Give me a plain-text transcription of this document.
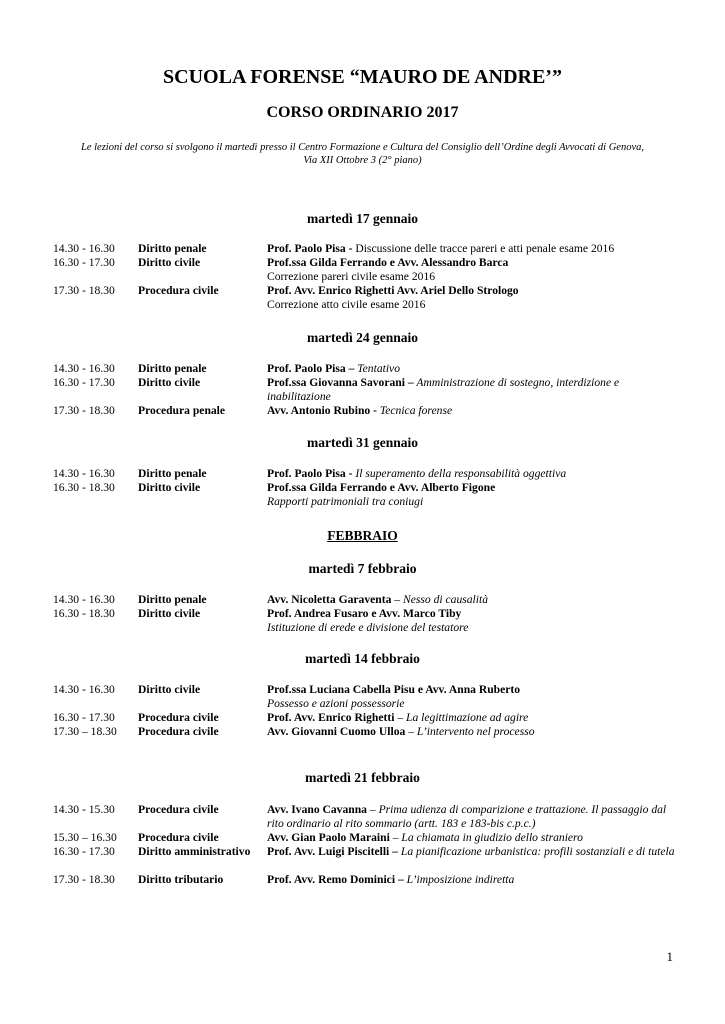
SCUOLA FORENSE “MAURO DE ANDRE’”
CORSO ORDINARIO 2017
Le lezioni del corso si svolgono il martedì presso il Centro Formazione e Cultura del Consiglio dell’Ordine degli Avvocati di Genova,
Via XII Ottobre 3 (2° piano)
martedì 17 gennaio
14.30 - 16.30 Diritto penale	Prof. Paolo Pisa - Discussione delle tracce pareri e atti penale esame 2016
16.30 - 17.30 Diritto civile	Prof.ssa Gilda Ferrando e Avv. Alessandro Barca
Correzione pareri civile esame 2016
17.30 - 18.30 Procedura civile	Prof. Avv. Enrico Righetti Avv. Ariel Dello Strologo
Correzione atto civile esame 2016
martedì 24 gennaio
14.30 - 16.30 Diritto penale	Prof. Paolo Pisa – Tentativo
16.30 - 17.30 Diritto civile	Prof.ssa Giovanna Savorani – Amministrazione di sostegno, interdizione e inabilitazione
17.30 - 18.30 Procedura penale	Avv. Antonio Rubino - Tecnica forense
martedì 31 gennaio
14.30 - 16.30 Diritto penale	Prof. Paolo Pisa - Il superamento della responsabilità oggettiva
16.30 - 18.30 Diritto civile	Prof.ssa Gilda Ferrando e Avv. Alberto Figone
Rapporti patrimoniali tra coniugi
FEBBRAIO
martedì 7 febbraio
14.30 - 16.30 Diritto penale	Avv. Nicoletta Garaventa – Nesso di causalità
16.30 - 18.30 Diritto civile	Prof. Andrea Fusaro e Avv. Marco Tiby
Istituzione di erede e divisione del testatore
martedì 14 febbraio
14.30 - 16.30 Diritto civile	Prof.ssa Luciana Cabella Pisu e Avv. Anna Ruberto
Possesso e azioni possessorie
16.30 - 17.30 Procedura civile	Prof. Avv. Enrico Righetti – La legittimazione ad agire
17.30 – 18.30 Procedura civile	Avv. Giovanni Cuomo Ulloa – L’intervento nel processo
martedì 21 febbraio
14.30 - 15.30 Procedura civile	Avv. Ivano Cavanna – Prima udienza di comparizione e trattazione. Il passaggio dal rito ordinario al rito sommario (artt. 183 e 183-bis c.p.c.)
15.30 – 16.30 Procedura civile	Avv. Gian Paolo Maraini – La chiamata in giudizio dello straniero
16.30 - 17.30 Diritto amministrativo Prof. Avv. Luigi Piscitelli – La pianificazione urbanistica: profili sostanziali e di tutela
17.30 - 18.30 Diritto tributario	Prof. Avv. Remo Dominici – L’imposizione indiretta
1
